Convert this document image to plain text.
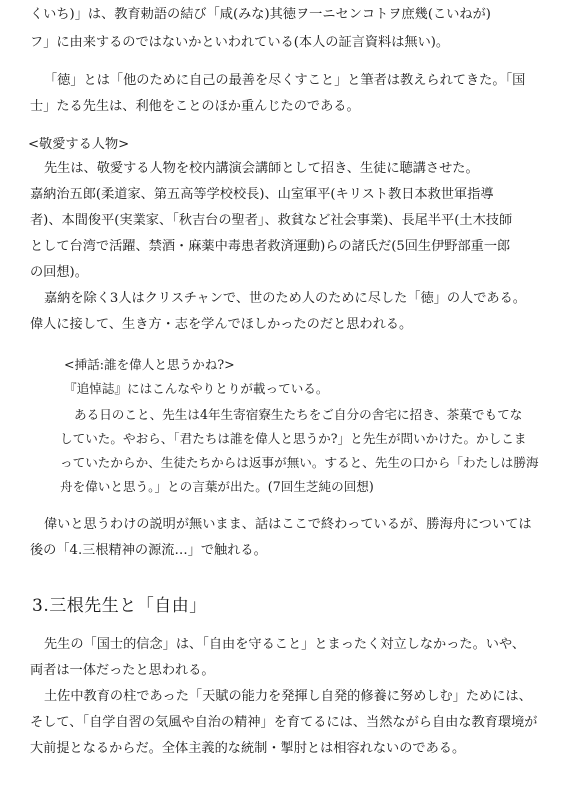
くいち)」は、教育勅語の結び「咸(みな)其徳ヲ一ニセンコトヲ庶幾(こいねが)

フ」に由来するのではないかといわれている(本人の証言資料は無い)。

「徳」とは「他のために自己の最善を尽くすこと」と筆者は教えられてきた。「国

士」たる先生は、利他をことのほか重んじたのである。

<敬愛する人物>

先生は、敬愛する人物を校内講演会講師として招き、生徒に聴講させた。

嘉納治五郎(柔道家、第五高等学校校長)、山室軍平(キリスト教日本救世軍指導

者)、本間俊平(実業家、「秋吉台の聖者」、救貧など社会事業)、長尾半平(土木技師

として台湾で活躍、禁酒・麻薬中毒患者救済運動)らの諸氏だ(5回生伊野部重一郎

の回想)。

嘉納を除く3人はクリスチャンで、世のため人のために尽した「徳」の人である。

偉人に接して、生き方・志を学んでほしかったのだと思われる。

<挿話:誰を偉人と思うかね?>

『追悼誌』にはこんなやりとりが載っている。

ある日のこと、先生は4年生寄宿寮生たちをご自分の舎宅に招き、茶菓でもてな

していた。やおら、「君たちは誰を偉人と思うか?」と先生が問いかけた。かしこま

っていたからか、生徒たちからは返事が無い。すると、先生の口から「わたしは勝海

舟を偉いと思う。」との言葉が出た。(7回生芝純の回想)

偉いと思うわけの説明が無いまま、話はここで終わっているが、勝海舟については

後の「4.三根精神の源流…」で触れる。

3.三根先生と「自由」

先生の「国士的信念」は、「自由を守ること」とまったく対立しなかった。いや、

両者は一体だったと思われる。

土佐中教育の柱であった「天賦の能力を発揮し自発的修養に努めしむ」ためには、

そして、「自学自習の気風や自治の精神」を育てるには、当然ながら自由な教育環境が

大前提となるからだ。全体主義的な統制・掣肘とは相容れないのである。
